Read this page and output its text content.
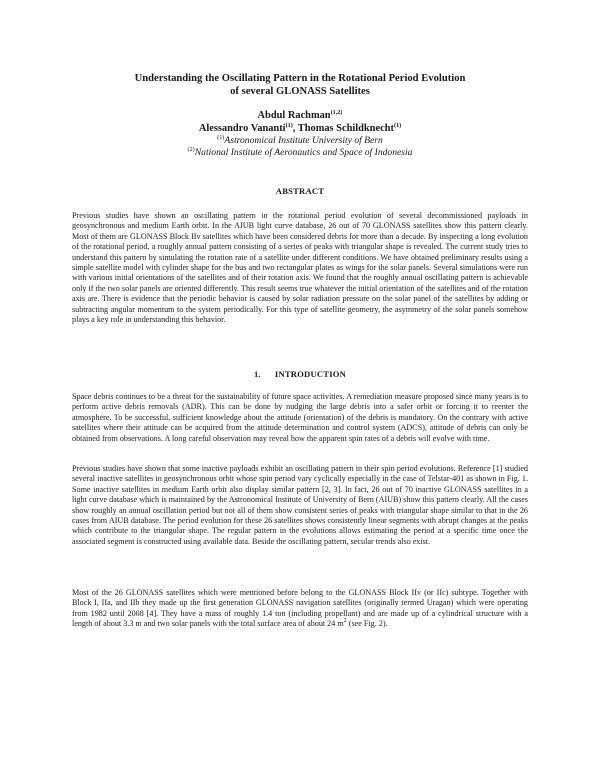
Understanding the Oscillating Pattern in the Rotational Period Evolution
of several GLONASS Satellites
Abdul Rachman$^{(1,2)}$
Alessandro Vananti$^{(1)}$, Thomas Schildknecht$^{(1)}$
$^{(1)}$Astronomical Institute University of Bern
$^{(2)}$National Institute of Aeronautics and Space of Indonesia
ABSTRACT
Previous studies have shown an oscillating pattern in the rotational period evolution of several decommissioned payloads in geosynchronous and medium Earth orbit. In the AIUB light curve database, 26 out of 70 GLONASS satellites show this pattern clearly. Most of them are GLONASS Block IIv satellites which have been considered debris for more than a decade. By inspecting a long evolution of the rotational period, a roughly annual pattern consisting of a series of peaks with triangular shape is revealed. The current study tries to understand this pattern by simulating the rotation rate of a satellite under different conditions. We have obtained preliminary results using a simple satellite model with cylinder shape for the bus and two rectangular plates as wings for the solar panels. Several simulations were run with various initial orientations of the satellites and of their rotation axis. We found that the roughly annual oscillating pattern is achievable only if the two solar panels are oriented differently. This result seems true whatever the initial orientation of the satellites and of the rotation axis are. There is evidence that the periodic behavior is caused by solar radiation pressure on the solar panel of the satellites by adding or subtracting angular momentum to the system periodically. For this type of satellite geometry, the asymmetry of the solar panels somehow plays a key role in understanding this behavior.
1.      INTRODUCTION
Space debris continues to be a threat for the sustainability of future space activities. A remediation measure proposed since many years is to perform active debris removals (ADR). This can be done by nudging the large debris into a safer orbit or forcing it to reenter the atmosphere. To be successful, sufficient knowledge about the attitude (orientation) of the debris is mandatory. On the contrary with active satellites where their attitude can be acquired from the attitude determination and control system (ADCS), attitude of debris can only be obtained from observations. A long careful observation may reveal how the apparent spin rates of a debris will evolve with time.
Previous studies have shown that some inactive payloads exhibit an oscillating pattern in their spin period evolutions. Reference [1] studied several inactive satellites in geosynchronous orbit whose spin period vary cyclically especially in the case of Telstar-401 as shown in Fig. 1. Some inactive satellites in medium Earth orbit also display similar pattern [2, 3]. In fact, 26 out of 70 inactive GLONASS satellites in a light curve database which is maintained by the Astronomical Institute of University of Bern (AIUB) show this pattern clearly. All the cases show roughly an annual oscillation period but not all of them show consistent series of peaks with triangular shape similar to that in the 26 cases from AIUB database. The period evolution for these 26 satellites shows consistently linear segments with abrupt changes at the peaks which contribute to the triangular shape. The regular pattern in the evolutions allows estimating the period at a specific time once the associated segment is constructed using available data. Beside the oscillating pattern, secular trends also exist.
Most of the 26 GLONASS satellites which were mentioned before belong to the GLONASS Block IIv (or IIc) subtype. Together with Block I, IIa, and IIb they made up the first generation GLONASS navigation satellites (originally termed Uragan) which were operating from 1982 until 2008 [4]. They have a mass of roughly 1.4 ton (including propellant) and are made up of a cylindrical structure with a length of about 3.3 m and two solar panels with the total surface area of about 24 $m^2$ (see Fig. 2).
